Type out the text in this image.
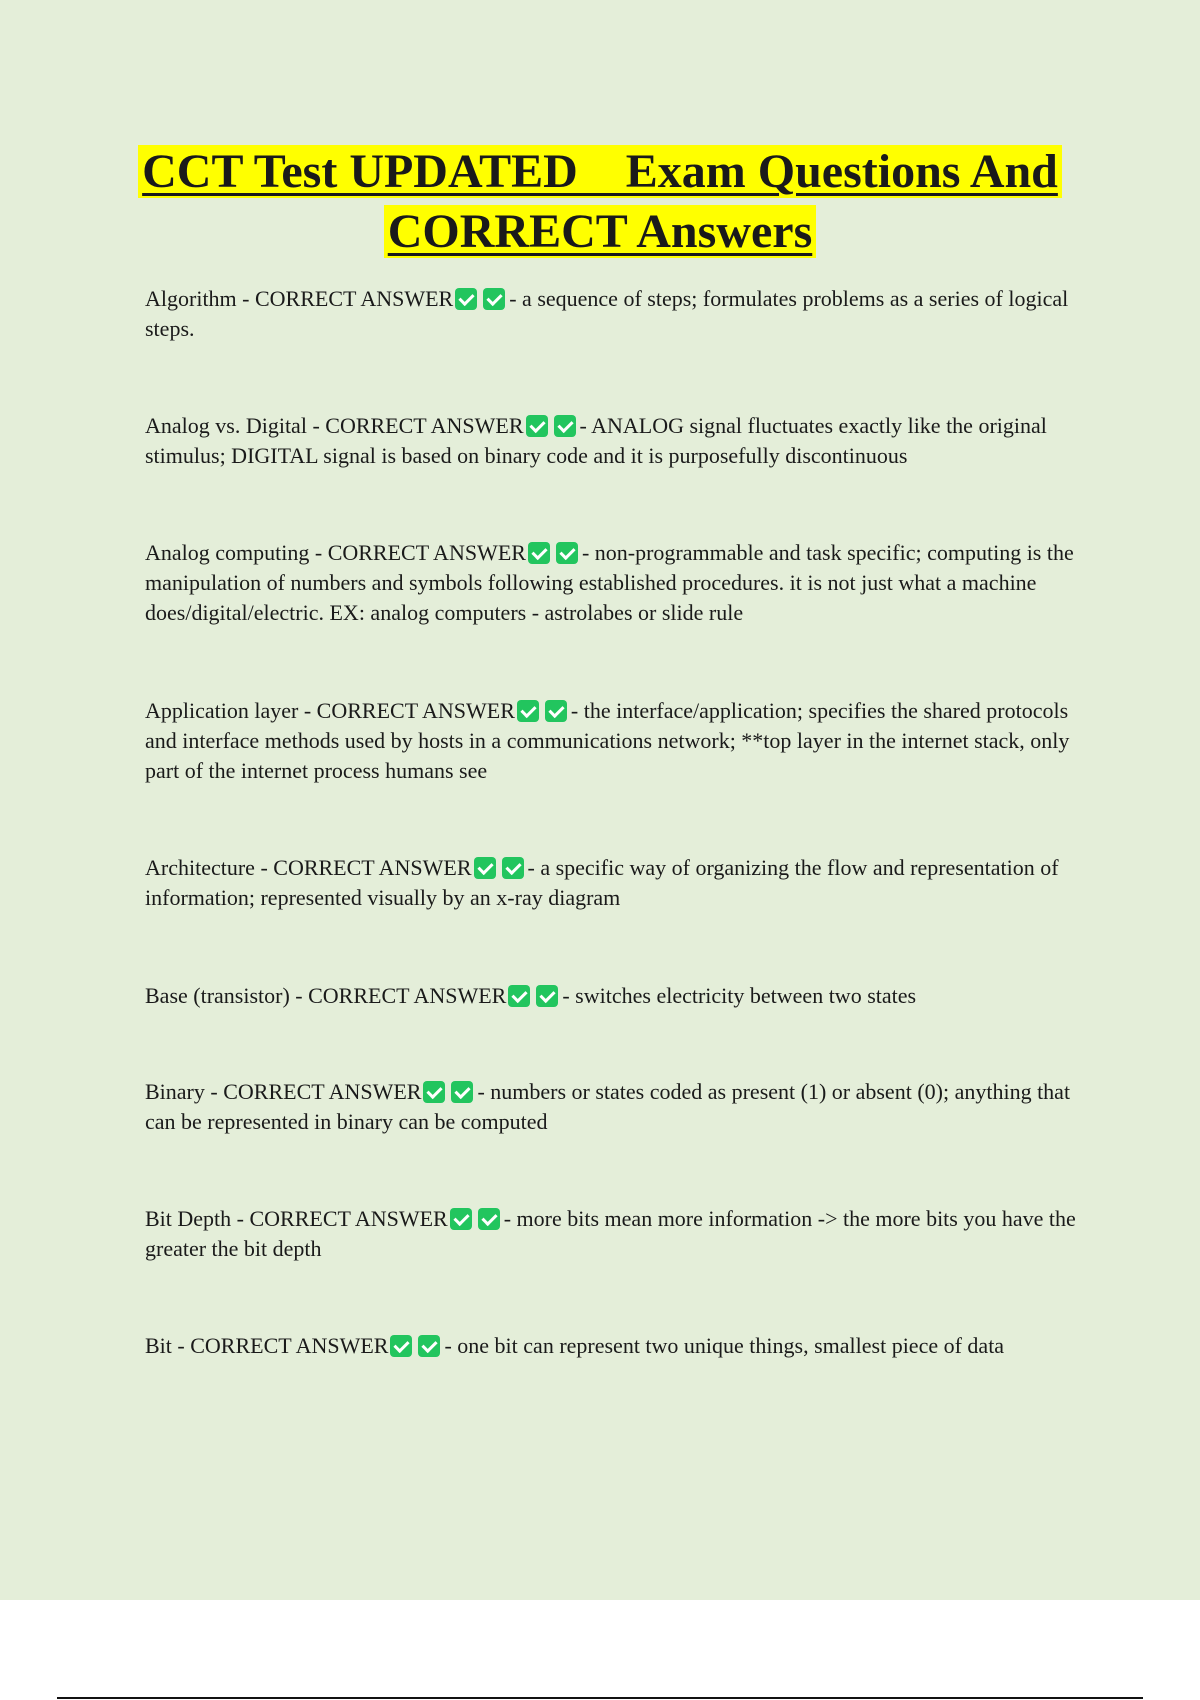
CCT Test UPDATED    Exam Questions And
CORRECT Answers
Algorithm - CORRECT ANSWER	- a sequence of steps; formulates problems as a series of logical steps.
Analog vs. Digital - CORRECT ANSWER	- ANALOG signal fluctuates exactly like the original stimulus; DIGITAL signal is based on binary code and it is purposefully discontinuous
Analog computing - CORRECT ANSWER	- non-programmable and task specific; computing is the manipulation of numbers and symbols following established procedures. it is not just what a machine does/digital/electric. EX: analog computers - astrolabes or slide rule
Application layer - CORRECT ANSWER	- the interface/application; specifies the shared protocols and interface methods used by hosts in a communications network; **top layer in the internet stack, only part of the internet process humans see
Architecture - CORRECT ANSWER	- a specific way of organizing the flow and representation of information; represented visually by an x-ray diagram
Base (transistor) - CORRECT ANSWER	- switches electricity between two states
Binary - CORRECT ANSWER	- numbers or states coded as present (1) or absent (0); anything that can be represented in binary can be computed
Bit Depth - CORRECT ANSWER	- more bits mean more information -> the more bits you have the greater the bit depth
Bit - CORRECT ANSWER	- one bit can represent two unique things, smallest piece of data
